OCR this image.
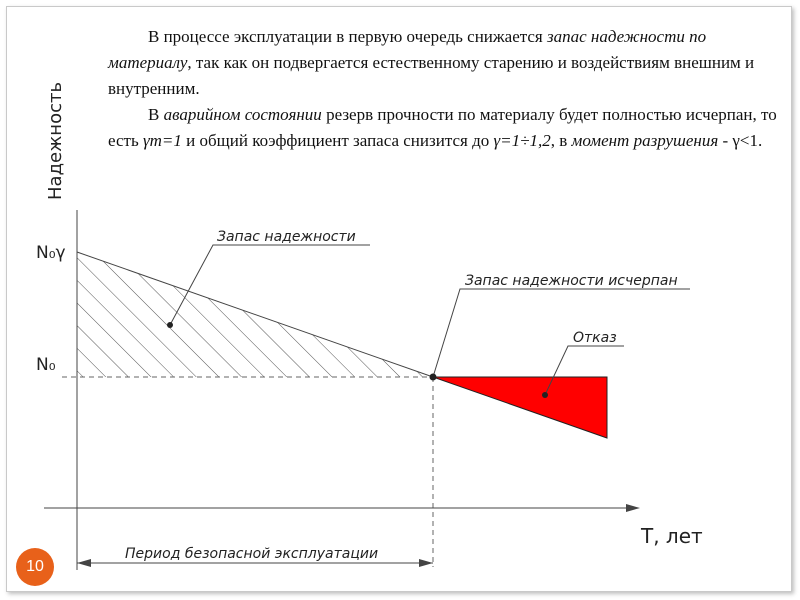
В процессе эксплуатации в первую очередь снижается запас надежности по материалу, так как он подвергается естественному старению и воздействиям внешним и внутренним.

В аварийном состоянии резерв прочности по материалу будет полностью исчерпан, то есть γm=1 и общий коэффициент запаса снизится до γ=1÷1,2, в момент разрушения - γ<1.

Надежность
Т, лет
N₀γ
N₀
Запас надежности
Запас надежности исчерпан
Отказ
Период безопасной эксплуатации
10
